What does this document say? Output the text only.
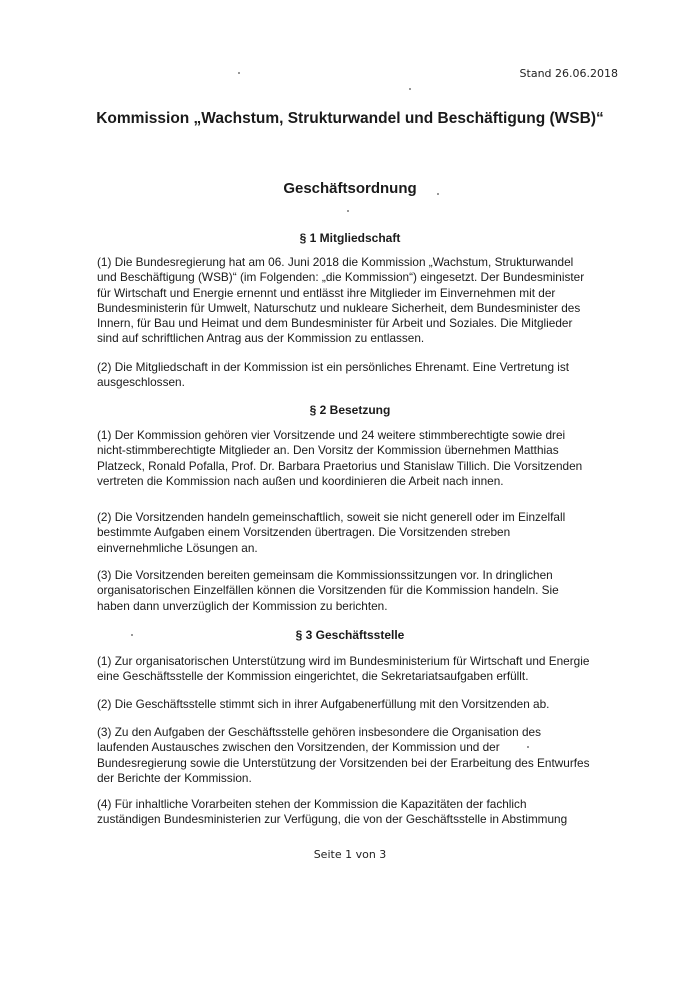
Stand 26.06.2018
Kommission „Wachstum, Strukturwandel und Beschäftigung (WSB)“
Geschäftsordnung
§ 1 Mitgliedschaft
(1) Die Bundesregierung hat am 06. Juni 2018 die Kommission „Wachstum, Strukturwandel und Beschäftigung (WSB)“ (im Folgenden: „die Kommission“) eingesetzt. Der Bundesminister für Wirtschaft und Energie ernennt und entlässt ihre Mitglieder im Einvernehmen mit der Bundesministerin für Umwelt, Naturschutz und nukleare Sicherheit, dem Bundesminister des Innern, für Bau und Heimat und dem Bundesminister für Arbeit und Soziales. Die Mitglieder sind auf schriftlichen Antrag aus der Kommission zu entlassen.
(2) Die Mitgliedschaft in der Kommission ist ein persönliches Ehrenamt. Eine Vertretung ist ausgeschlossen.
§ 2 Besetzung
(1) Der Kommission gehören vier Vorsitzende und 24 weitere stimmberechtigte sowie drei nicht-stimmberechtigte Mitglieder an. Den Vorsitz der Kommission übernehmen Matthias Platzeck, Ronald Pofalla, Prof. Dr. Barbara Praetorius und Stanislaw Tillich. Die Vorsitzenden vertreten die Kommission nach außen und koordinieren die Arbeit nach innen.
(2) Die Vorsitzenden handeln gemeinschaftlich, soweit sie nicht generell oder im Einzelfall bestimmte Aufgaben einem Vorsitzenden übertragen. Die Vorsitzenden streben einvernehmliche Lösungen an.
(3) Die Vorsitzenden bereiten gemeinsam die Kommissionssitzungen vor. In dringlichen organisatorischen Einzelfällen können die Vorsitzenden für die Kommission handeln. Sie haben dann unverzüglich der Kommission zu berichten.
§ 3 Geschäftsstelle
(1) Zur organisatorischen Unterstützung wird im Bundesministerium für Wirtschaft und Energie eine Geschäftsstelle der Kommission eingerichtet, die Sekretariatsaufgaben erfüllt.
(2) Die Geschäftsstelle stimmt sich in ihrer Aufgabenerfüllung mit den Vorsitzenden ab.
(3) Zu den Aufgaben der Geschäftsstelle gehören insbesondere die Organisation des laufenden Austausches zwischen den Vorsitzenden, der Kommission und der Bundesregierung sowie die Unterstützung der Vorsitzenden bei der Erarbeitung des Entwurfes der Berichte der Kommission.
(4) Für inhaltliche Vorarbeiten stehen der Kommission die Kapazitäten der fachlich zuständigen Bundesministerien zur Verfügung, die von der Geschäftsstelle in Abstimmung
Seite 1 von 3
